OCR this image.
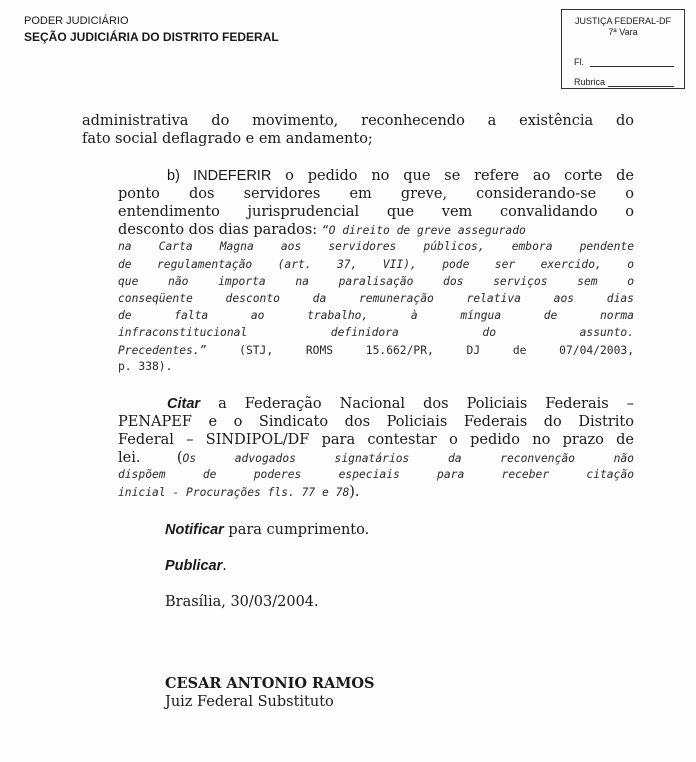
PODER JUDICIÁRIO
SEÇÃO JUDICIÁRIA DO DISTRITO FEDERAL
JUSTIÇA FEDERAL-DF
7ª Vara
Fl.
Rubrica
administrativa do movimento, reconhecendo a existência do
fato social deflagrado e em andamento;
b) INDEFERIR o pedido no que se refere ao corte de
ponto dos servidores em greve, considerando-se o
entendimento jurisprudencial que vem convalidando o
desconto dos dias parados: “O direito de greve assegurado
na Carta Magna aos servidores públicos, embora pendente
de regulamentação (art. 37, VII), pode ser exercido, o
que não importa na paralisação dos serviços sem o
conseqüente desconto da remuneração relativa aos dias
de falta ao trabalho, à míngua de norma
infraconstitucional definidora do assunto.
Precedentes.” (STJ, ROMS 15.662/PR, DJ de 07/04/2003,
p. 338).
Citar a Federação Nacional dos Policiais Federais –
PENAPEF e o Sindicato dos Policiais Federais do Distrito
Federal – SINDIPOL/DF para contestar o pedido no prazo de
lei. (Os advogados signatários da reconvenção não
dispõem de poderes especiais para receber citação
inicial - Procurações fls. 77 e 78).
Notificar para cumprimento.
Publicar.
Brasília, 30/03/2004.
CESAR ANTONIO RAMOS
Juiz Federal Substituto
